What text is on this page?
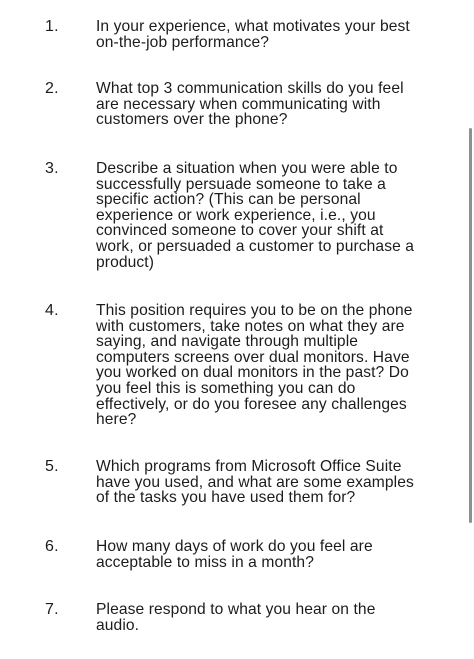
1. In your experience, what motivates your best
on-the-job performance?
2. What top 3 communication skills do you feel
are necessary when communicating with
customers over the phone?
3. Describe a situation when you were able to
successfully persuade someone to take a
specific action? (This can be personal
experience or work experience, i.e., you
convinced someone to cover your shift at
work, or persuaded a customer to purchase a
product)
4. This position requires you to be on the phone
with customers, take notes on what they are
saying, and navigate through multiple
computers screens over dual monitors. Have
you worked on dual monitors in the past? Do
you feel this is something you can do
effectively, or do you foresee any challenges
here?
5. Which programs from Microsoft Office Suite
have you used, and what are some examples
of the tasks you have used them for?
6. How many days of work do you feel are
acceptable to miss in a month?
7. Please respond to what you hear on the
audio.
